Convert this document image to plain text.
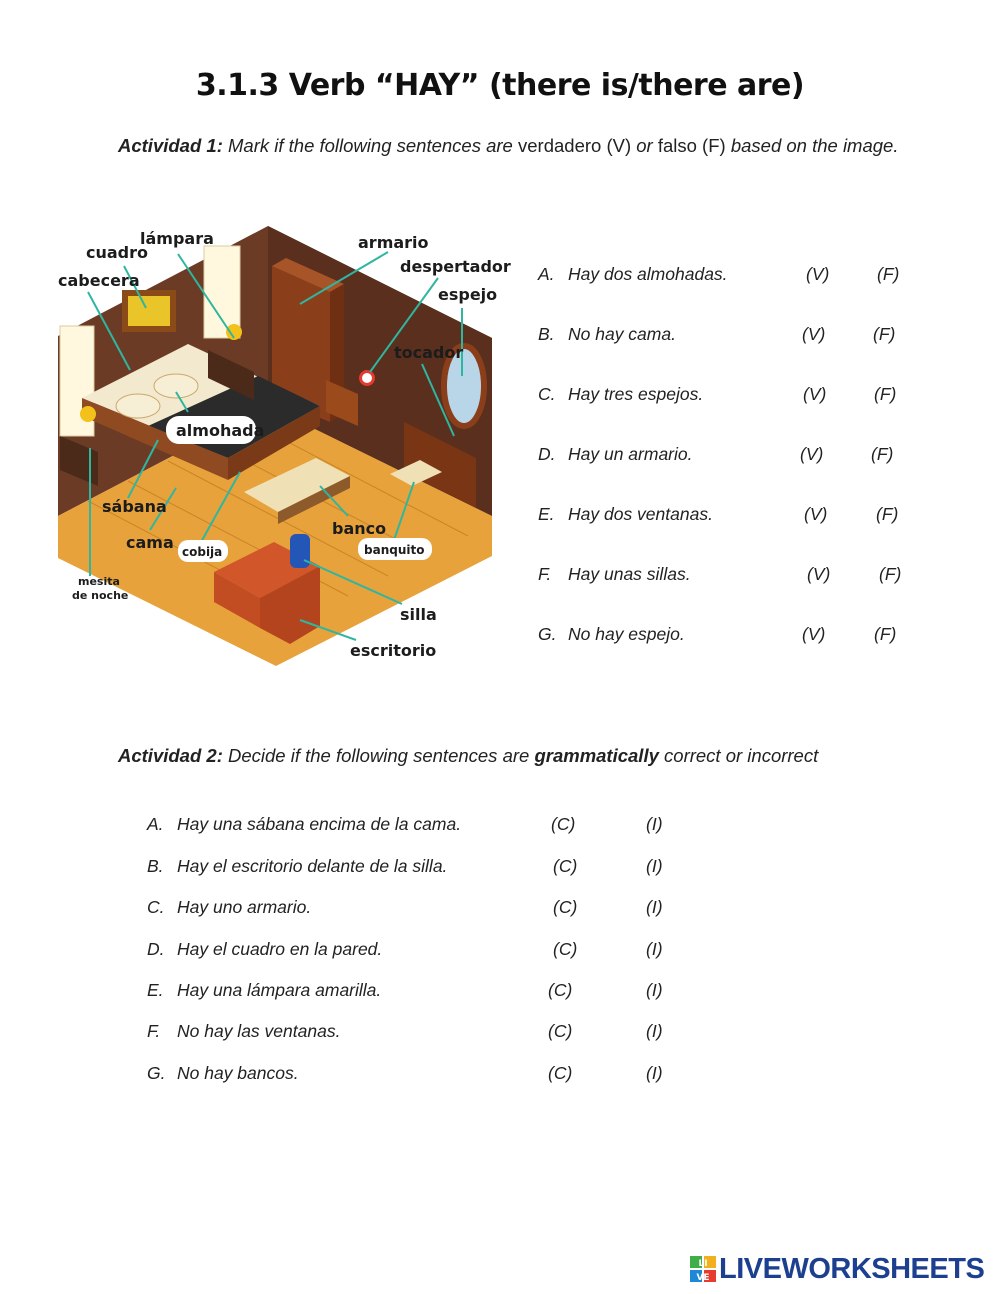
3.1.3 Verb “HAY” (there is/there are)
Actividad 1: Mark if the following sentences are verdadero (V) or falso (F) based on the image.
lámpara
cuadro
cabecera
armario
despertador
espejo
tocador
almohada
sábana
cama cobija
banco
banquito
mesita
de noche
silla
escritorio
A. Hay dos almohadas.	(V)	(F)
B. No hay cama.	(V)	(F)
C. Hay tres espejos.	(V)	(F)
D. Hay un armario.	(V)	(F)
E. Hay dos ventanas.	(V)	(F)
F. Hay unas sillas.	(V)	(F)
G. No hay espejo.	(V)	(F)
Actividad 2: Decide if the following sentences are grammatically correct or incorrect
A. Hay una sábana encima de la cama.	(C)	(I)
B. Hay el escritorio delante de la silla.	(C)	(I)
C. Hay uno armario.	(C)	(I)
D. Hay el cuadro en la pared.	(C)	(I)
E. Hay una lámpara amarilla.	(C)	(I)
F. No hay las ventanas.	(C)	(I)
G. No hay bancos.	(C)	(I)
LI
VE LIVEWORKSHEETS
